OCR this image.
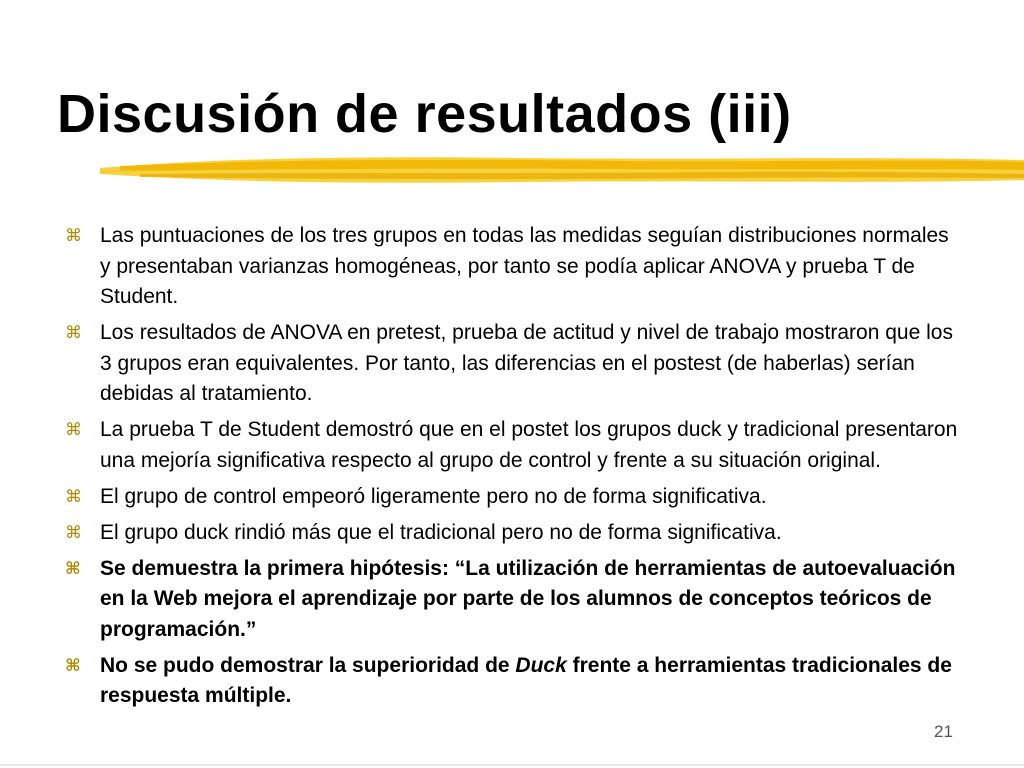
Discusión de resultados (iii)
⌘ Las puntuaciones de los tres grupos en todas las medidas seguían distribuciones normales y presentaban varianzas homogéneas, por tanto se podía aplicar ANOVA y prueba T de Student.
⌘ Los resultados de ANOVA en pretest, prueba de actitud y nivel de trabajo mostraron que los 3 grupos eran equivalentes. Por tanto, las diferencias en el postest (de haberlas) serían debidas al tratamiento.
⌘ La prueba T de Student demostró que en el postet los grupos duck y tradicional presentaron una mejoría significativa respecto al grupo de control y frente a su situación original.
⌘ El grupo de control empeoró ligeramente pero no de forma significativa.
⌘ El grupo duck rindió más que el tradicional pero no de forma significativa.
⌘ Se demuestra la primera hipótesis: “La utilización de herramientas de autoevaluación en la Web mejora el aprendizaje por parte de los alumnos de conceptos teóricos de programación.”
⌘ No se pudo demostrar la superioridad de Duck frente a herramientas tradicionales de respuesta múltiple.
21
